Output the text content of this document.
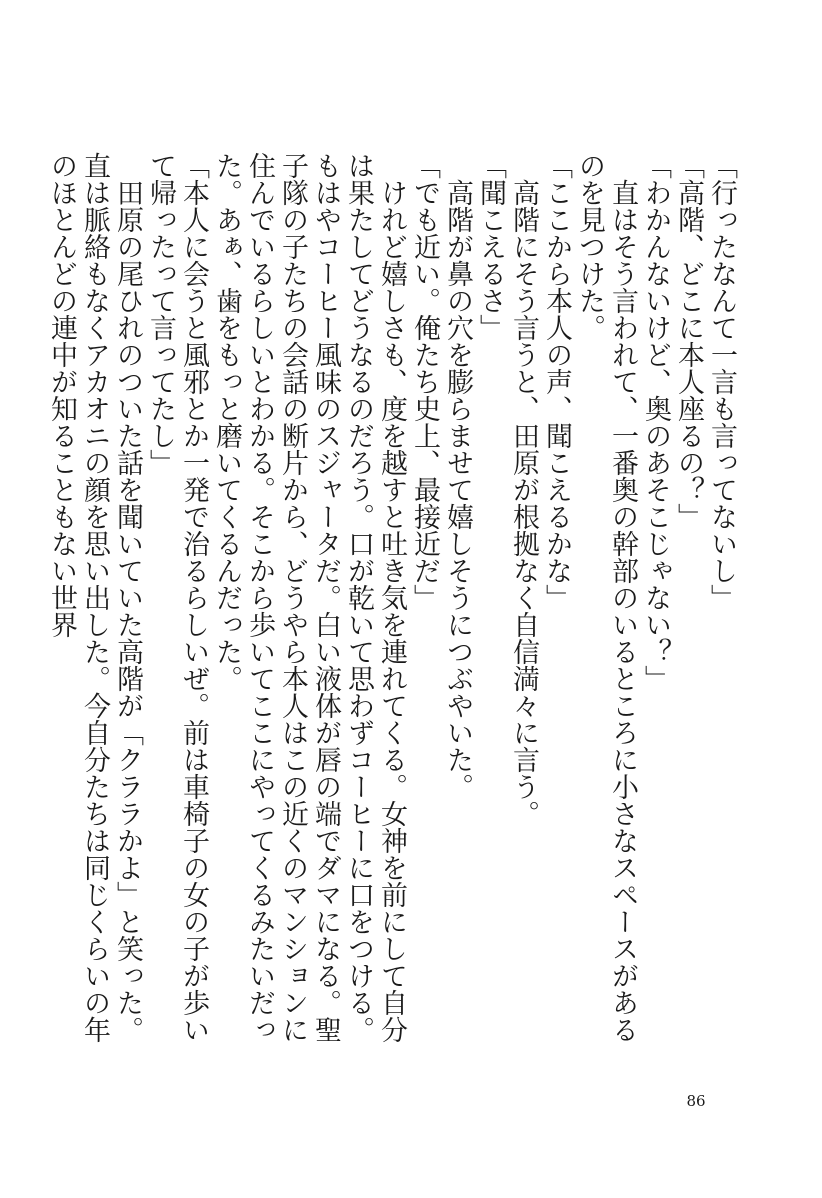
「行ったなんて一言も言ってないし」

「高階、どこに本人座るの？」

「わかんないけど、奥のあそこじゃない？」

　直はそう言われて、一番奥の幹部のいるところに小さなスペースがあるのを見つけた。

「ここから本人の声、聞こえるかな」

　高階にそう言うと、田原が根拠なく自信満々に言う。

「聞こえるさ」

　高階が鼻の穴を膨らませて嬉しそうにつぶやいた。

「でも近い。俺たち史上、最接近だ」

　けれど嬉しさも、度を越すと吐き気を連れてくる。女神を前にして自分は果たしてどうなるのだろう。口が乾いて思わずコーヒーに口をつける。もはやコーヒー風味のスジャータだ。白い液体が唇の端でダマになる。聖子隊の子たちの会話の断片から、どうやら本人はこの近くのマンションに住んでいるらしいとわかる。そこから歩いてここにやってくるみたいだった。あぁ、歯をもっと磨いてくるんだった。

「本人に会うと風邪とか一発で治るらしいぜ。前は車椅子の女の子が歩いて帰ったって言ってたし」

　田原の尾ひれのついた話を聞いていた高階が「クララかよ」と笑った。直は脈絡もなくアカオニの顔を思い出した。今自分たちは同じくらいの年のほとんどの連中が知ることもない世界

86
